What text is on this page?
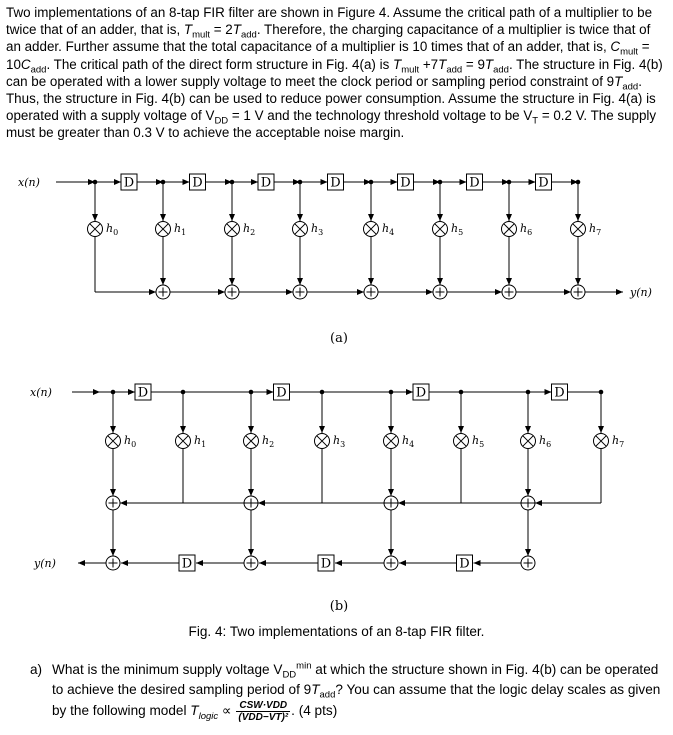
Two implementations of an 8-tap FIR filter are shown in Figure 4. Assume the critical path of a multiplier to be twice that of an adder, that is, $T_{mult} = 2T_{add}$. Therefore, the charging capacitance of a multiplier is twice that of an adder. Further assume that the total capacitance of a multiplier is 10 times that of an adder, that is, $C_{mult} = 10C_{add}$. The critical path of the direct form structure in Fig. 4(a) is $T_{mult} +7T_{add} = 9T_{add}$. The structure in Fig. 4(b) can be operated with a lower supply voltage to meet the clock period or sampling period constraint of $9T_{add}$. Thus, the structure in Fig. 4(b) can be used to reduce power consumption. Assume the structure in Fig. 4(a) is operated with a supply voltage of $V_{DD} = 1$ V and the technology threshold voltage to be $V_T = 0.2$ V. The supply must be greater than 0.3 V to achieve the acceptable noise margin.

x(n)
$h_0$
D
$h_1$
D
$h_2$
D
$h_3$
D
$h_4$
D
$h_5$
D
$h_6$
D
$h_7$
y(n)
(a)
x(n)	D	D	D	D
$h_0$	$h_1$	$h_2$	$h_3$	$h_4$	$h_5$	$h_6$	$h_7$
D	D	D
y(n)
(b)

Fig. 4: Two implementations of an 8-tap FIR filter.

a) What is the minimum supply voltage $V_{DD}^{min}$ at which the structure shown in Fig. 4(b) can be operated to achieve the desired sampling period of $9T_{add}$? You can assume that the logic delay scales as given by the following model $T_{logic} \propto \frac{\text{CSW·VDD}}{\text{(VDD−VT)²}}$ . (4 pts)
